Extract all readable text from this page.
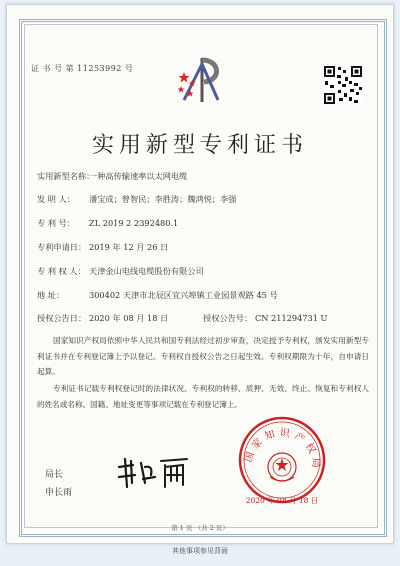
证 书 号 第 11253992 号
实用新型专利证书
实用新型名称：一种高传输速率以太网电缆
发 明 人： 潘宝成；曾智民；李胜涛；魏鸿悦；李强
专 利 号： ZL 2019 2 2392480.1
专利申请日： 2019 年 12 月 26 日
专 利 权 人： 天津金山电线电缆股份有限公司
地 址：	300402 天津市北辰区宜兴埠镇工业园景观路 45 号
授权公告日： 2020 年 08 月 18 日	授权公告号： CN 211294731 U
国家知识产权局依照中华人民共和国专利法经过初步审查，决定授予专利权，颁发实用新型专利证书并在专利登记簿上予以登记。专利权自授权公告之日起生效。专利权期限为十年，自申请日起算。
专利证书记载专利权登记时的法律状况。专利权的转移、质押、无效、终止、恢复和专利权人的姓名或名称、国籍、地址变更等事项记载在专利登记簿上。
国家知识产权局
2020 年 08 月 18 日
局长
申长雨
第 1 页 （共 2 页）
其他事项参见背面
